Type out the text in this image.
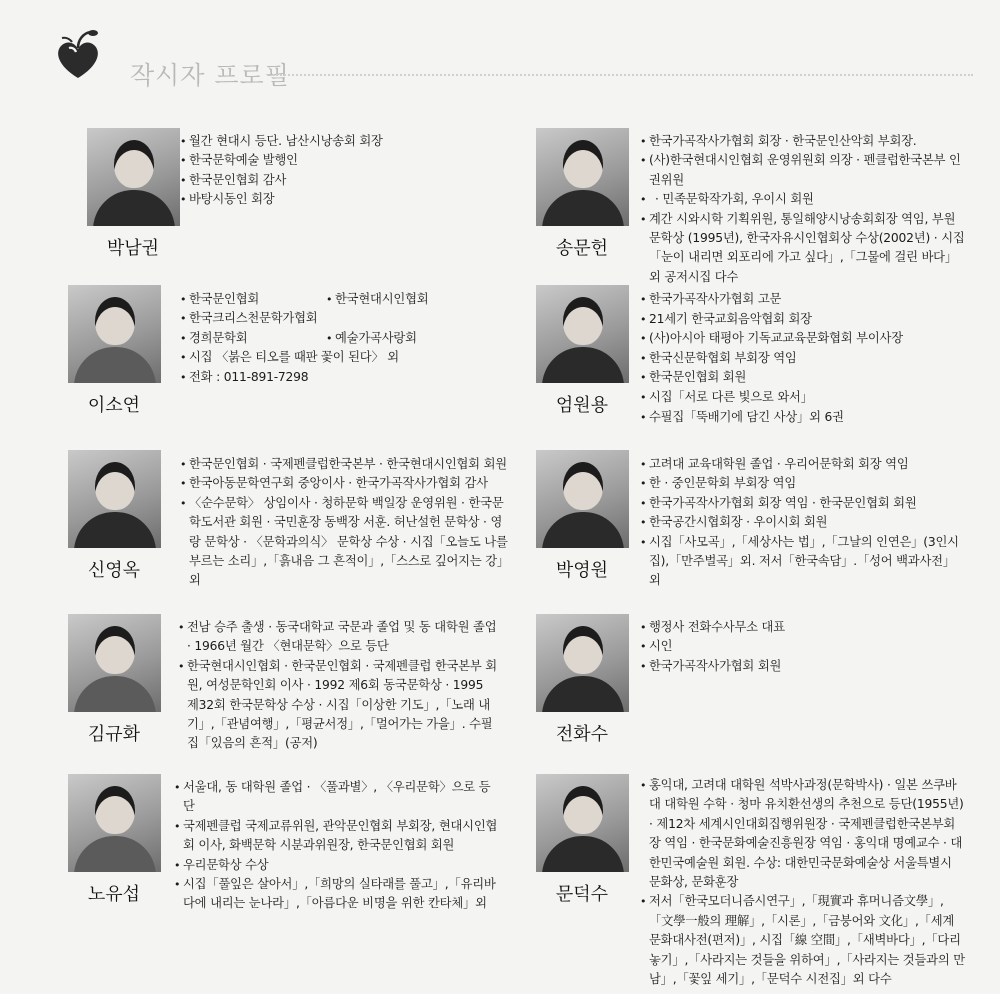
작시자 프로필
박남권
• 월간 현대시 등단. 남산시낭송회 회장
• 한국문학예술 발행인
• 한국문인협회 감사
• 바탕시동인 회장
송문헌
• 한국가곡작사가협회 회장 · 한국문인산악회 부회장.
• (사)한국현대시인협회 운영위원회 의장 · 펜클럽한국본부 인권위원
• · 민족문학작가회, 우이시 회원
• 계간 시와시학 기획위원, 통일해양시낭송회회장 역임, 부원문학상 (1995년), 한국자유시인협회상 수상(2002년) · 시집「눈이 내리면 외포리에 가고 싶다」,「그물에 걸린 바다」외 공저시집 다수
이소연
• 한국문인협회	• 한국현대시인협회
• 한국크리스천문학가협회
• 경희문학회	• 예술가곡사랑회
• 시집 〈붉은 티오를 때판 꽃이 된다〉 외
• 전화 : 011-891-7298
엄원용
• 한국가곡작사가협회 고문
• 21세기 한국교회음악협회 회장
• (사)아시아 태평아 기독교교육문화협회 부이사장
• 한국신문학협회 부회장 역임
• 한국문인협회 회원
• 시집「서로 다른 빛으로 와서」
• 수필집「뚝배기에 담긴 사상」외 6권
신영옥
• 한국문인협회 · 국제펜클럽한국본부 · 한국현대시인협회 회원
• 한국아동문학연구회 중앙이사 · 한국가곡작사가협회 감사
• 〈순수문학〉 상임이사 · 청하문학 백일장 운영위원 · 한국문학도서관 회원 · 국민훈장 동백장 서훈. 허난설헌 문학상 · 영랑 문학상 · 〈문학과의식〉 문학상 수상 · 시집「오늘도 나를 부르는 소리」,「흙내음 그 흔적이」,「스스로 깊어지는 강」외	박영원
• 고려대 교육대학원 졸업 · 우리어문학회 회장 역임
• 한 · 중인문학회 부회장 역임
• 한국가곡작사가협회 회장 역임 · 한국문인협회 회원
• 한국공간시협회장 · 우이시회 회원
• 시집「사모곡」,「세상사는 법」,「그날의 인연은」(3인시집),「만주벌곡」외. 저서「한국속담」.「성어 백과사전」외
김규화
• 전남 승주 출생 · 동국대학교 국문과 졸업 및 동 대학원 졸업 · 1966년 월간 〈현대문학〉으로 등단
• 한국현대시인협회 · 한국문인협회 · 국제펜클럽 한국본부 회원, 여성문학인회 이사 · 1992 제6회 동국문학상 · 1995 제32회 한국문학상 수상 · 시집「이상한 기도」,「노래 내기」,「관념여행」,「평균서정」,「멀어가는 가을」. 수필집「있음의 흔적」(공저)	전화수
• 행정사 전화수사무소 대표
• 시인
• 한국가곡작사가협회 회원
노유섭
• 서울대, 동 대학원 졸업 · 〈풀과별〉, 〈우리문학〉으로 등단
• 국제펜클럽 국제교류위원, 관악문인협회 부회장, 현대시인협회 이사, 화백문학 시분과위원장, 한국문인협회 회원
• 우리문학상 수상
• 시집「풀잎은 살아서」,「희망의 실타래를 풀고」,「유리바다에 내리는 눈나라」,「아름다운 비명을 위한 칸타체」외	문덕수
• 홍익대, 고려대 대학원 석박사과정(문학박사) · 일본 쓰쿠바대 대학원 수학 · 청마 유치환선생의 추천으로 등단(1955년) · 제12차 세계시인대회집행위원장 · 국제펜클럽한국본부회장 역임 · 한국문화예술진흥원장 역임 · 홍익대 명예교수 · 대한민국예술원 회원. 수상: 대한민국문화예술상 서울특별시 문화상, 문화훈장
• 저서「한국모더니즘시연구」,「現實과 휴머니즘文學」,「文學一般의 理解」,「시론」,「금붕어와 文化」,「세계문화대사전(편저)」, 시집「線 空間」,「새벽바다」,「다리놓기」,「사라지는 것들을 위하여」,「사라지는 것들과의 만남」,「꽃잎 세기」,「문덕수 시전집」외 다수
